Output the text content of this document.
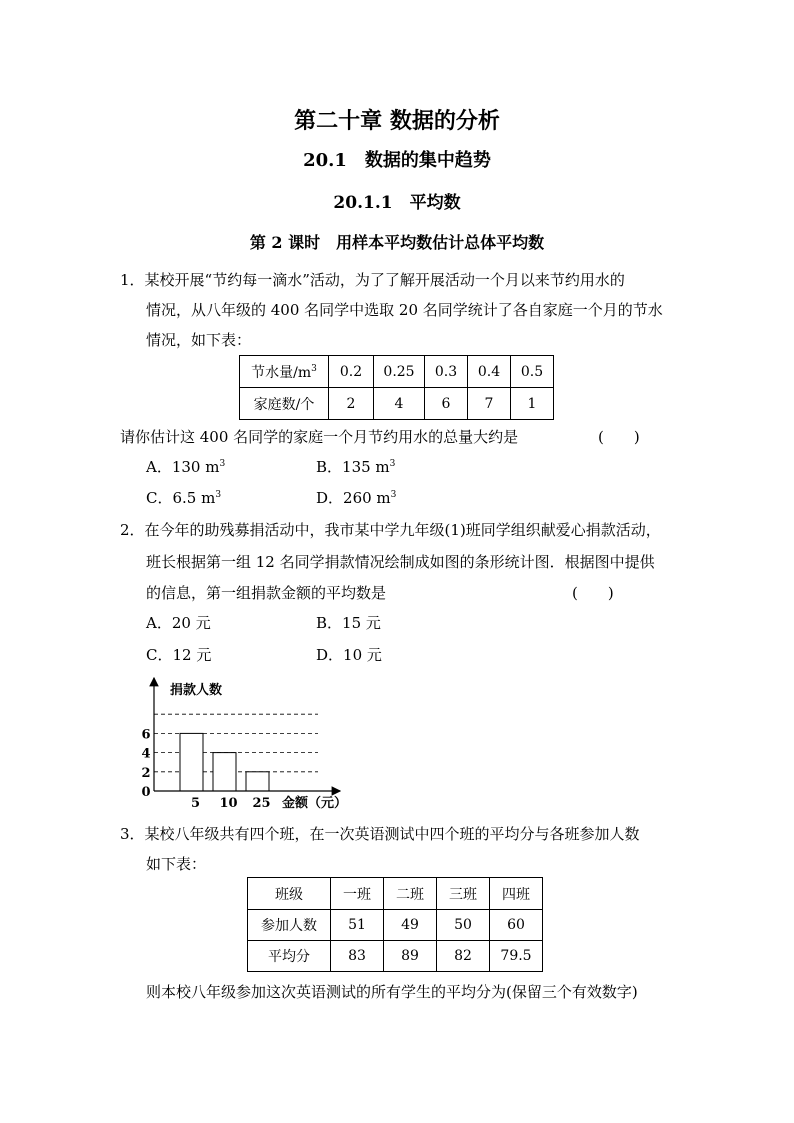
第二十章 数据的分析
20.1　数据的集中趋势
20.1.1　平均数
第 2 课时　用样本平均数估计总体平均数
1．某校开展“节约每一滴水”活动，为了了解开展活动一个月以来节约用水的
情况，从八年级的 400 名同学中选取 20 名同学统计了各自家庭一个月的节水
情况，如下表：
节水量$/m^3$	0.2	0.25	0.3	0.4	0.5
家庭数/个	2	4	6	7	1
请你估计这 400 名同学的家庭一个月节约用水的总量大约是	(　　)
A．130 $m^3$	B．135 $m^3$
C．6.5 $m^3$	D．260 $m^3$
2．在今年的助残募捐活动中，我市某中学九年级(1)班同学组织献爱心捐款活动，
班长根据第一组 12 名同学捐款情况绘制成如图的条形统计图．根据图中提供
的信息，第一组捐款金额的平均数是	(　　)
A．20 元	B．15 元
C．12 元	D．10 元
捐款人数
金额（元）
0
2
4
6
5 10 25
3．某校八年级共有四个班，在一次英语测试中四个班的平均分与各班参加人数
如下表：
班级	一班	二班	三班	四班
参加人数	51	49	50	60
平均分	83	89	82	79.5
则本校八年级参加这次英语测试的所有学生的平均分为(保留三个有效数字)
